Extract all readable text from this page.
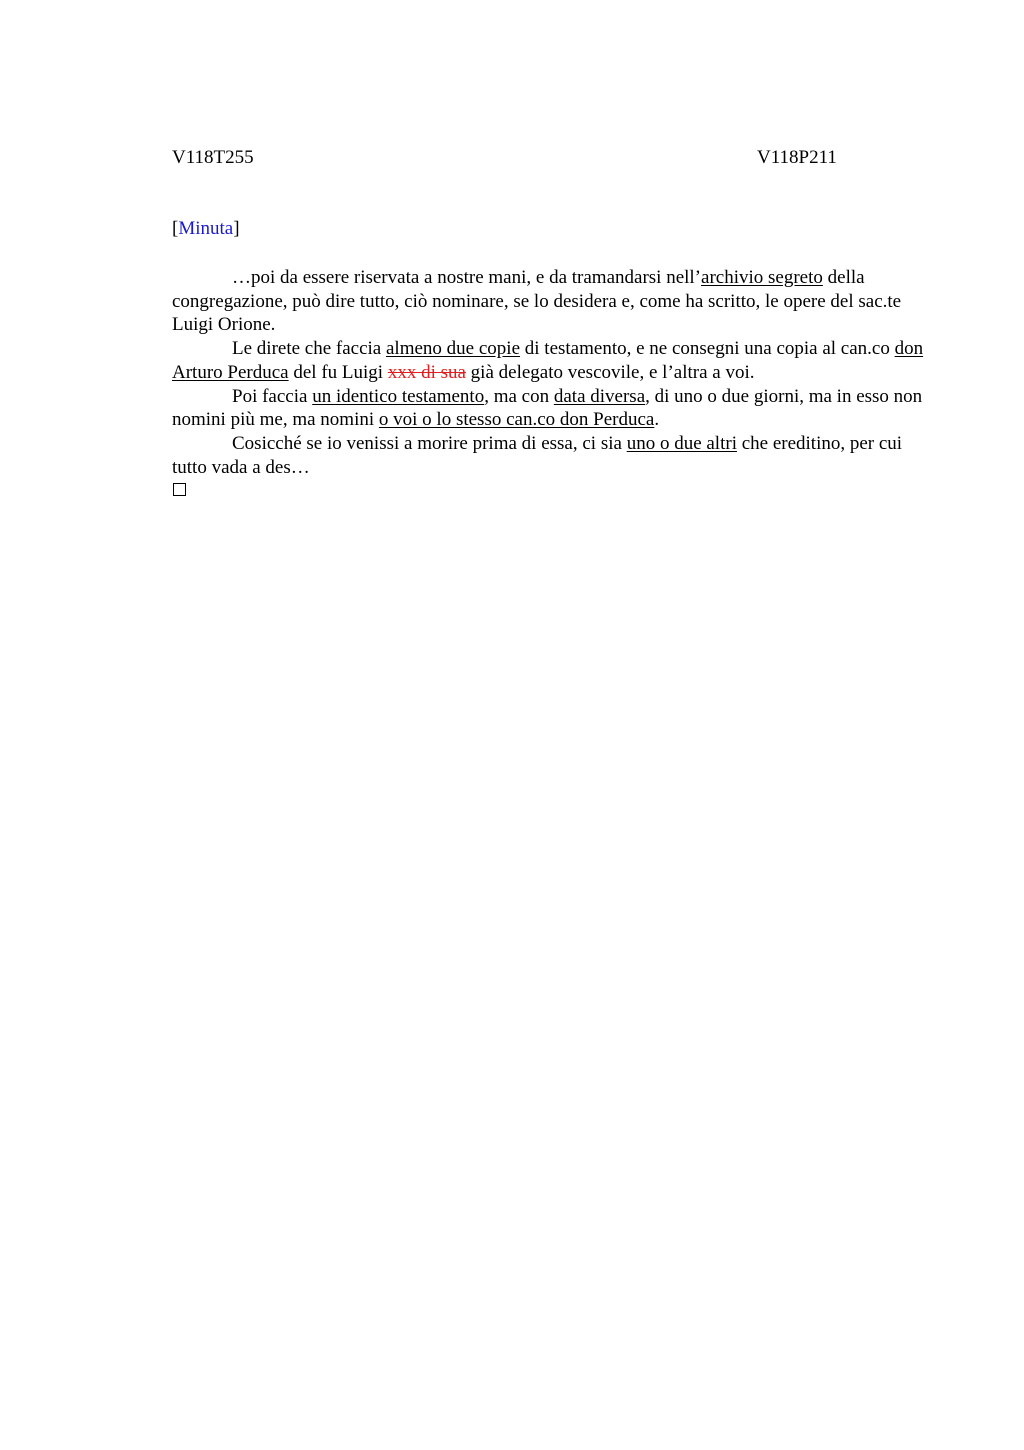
V118T255	V118P211
[Minuta]

…poi da essere riservata a nostre mani, e da tramandarsi nell’archivio segreto della congregazione, può dire tutto, ciò nominare, se lo desidera e, come ha scritto, le opere del sac.te Luigi Orione.

Le direte che faccia almeno due copie di testamento, e ne consegni una copia al can.co don Arturo Perduca del fu Luigi xxx di sua già delegato vescovile, e l’altra a voi.

Poi faccia un identico testamento, ma con data diversa, di uno o due giorni, ma in esso non nomini più me, ma nomini o voi o lo stesso can.co don Perduca.

Cosicché se io venissi a morire prima di essa, ci sia uno o due altri che ereditino, per cui tutto vada a des…
